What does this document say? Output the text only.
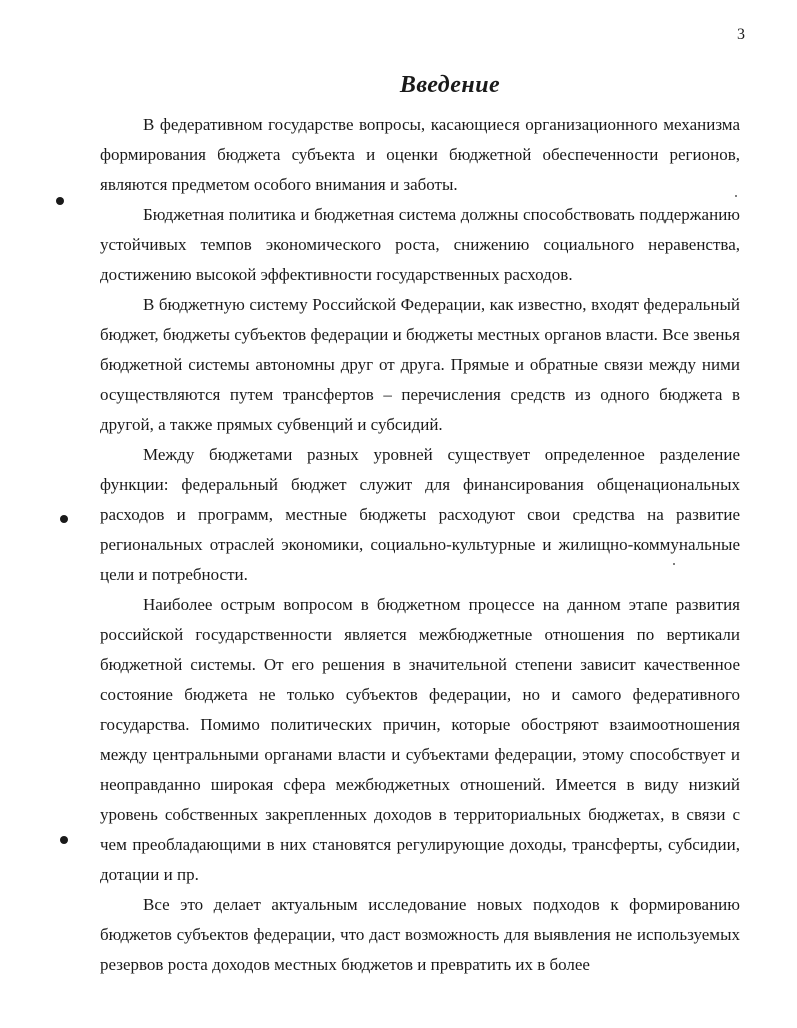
3
Введение

В федеративном государстве вопросы, касающиеся организационного механизма формирования бюджета субъекта и оценки бюджетной обеспеченности регионов, являются предметом особого внимания и заботы.

Бюджетная политика и бюджетная система должны способствовать поддержанию устойчивых темпов экономического роста, снижению социального неравенства, достижению высокой эффективности государственных расходов.

В бюджетную систему Российской Федерации, как известно, входят федеральный бюджет, бюджеты субъектов федерации и бюджеты местных органов власти. Все звенья бюджетной системы автономны друг от друга. Прямые и обратные связи между ними осуществляются путем трансфертов – перечисления средств из одного бюджета в другой, а также прямых субвенций и субсидий.

Между бюджетами разных уровней существует определенное разделение функции: федеральный бюджет служит для финансирования общенациональных расходов и программ, местные бюджеты расходуют свои средства на развитие региональных отраслей экономики, социально-культурные и жилищно-коммунальные цели и потребности.

Наиболее острым вопросом в бюджетном процессе на данном этапе развития российской государственности является межбюджетные отношения по вертикали бюджетной системы. От его решения в значительной степени зависит качественное состояние бюджета не только субъектов федерации, но и самого федеративного государства. Помимо политических причин, которые обостряют взаимоотношения между центральными органами власти и субъектами федерации, этому способствует и неоправданно широкая сфера межбюджетных отношений. Имеется в виду низкий уровень собственных закрепленных доходов в территориальных бюджетах, в связи с чем преобладающими в них становятся регулирующие доходы, трансферты, субсидии, дотации и пр.

Все это делает актуальным исследование новых подходов к формированию бюджетов субъектов федерации, что даст возможность для выявления не используемых резервов роста доходов местных бюджетов и превратить их в более
